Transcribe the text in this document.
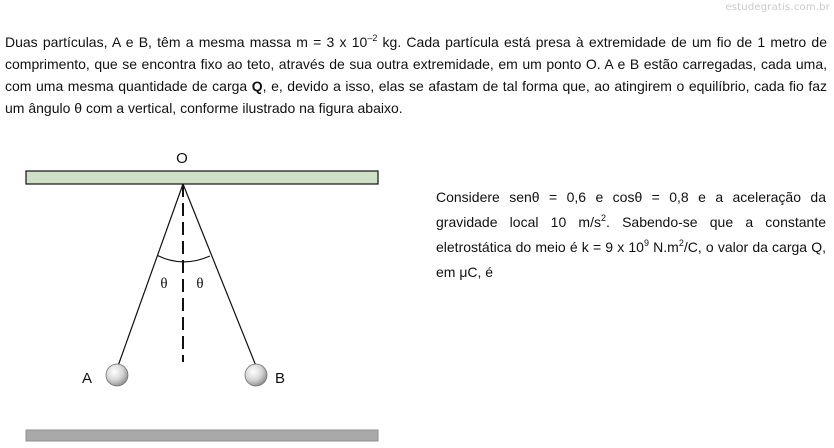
estudegratis.com.br

Duas partículas, A e B, têm a mesma massa m = 3 x $10^{-2}$ kg. Cada partícula está presa à extremidade de um fio de 1 metro de comprimento, que se encontra fixo ao teto, através de sua outra extremidade, em um ponto O. A e B estão carregadas, cada uma, com uma mesma quantidade de carga Q, e, devido a isso, elas se afastam de tal forma que, ao atingirem o equilíbrio, cada fio faz um ângulo θ com a vertical, conforme ilustrado na figura abaixo.

O
θ θ
A	B

Considere senθ = 0,6 e cosθ = 0,8 e a aceleração da gravidade local 10 $m/s^2$. Sabendo-se que a constante eletrostática do meio é k = 9 x $10^9$ $N.m^2/C$, o valor da carga Q, em μC, é
